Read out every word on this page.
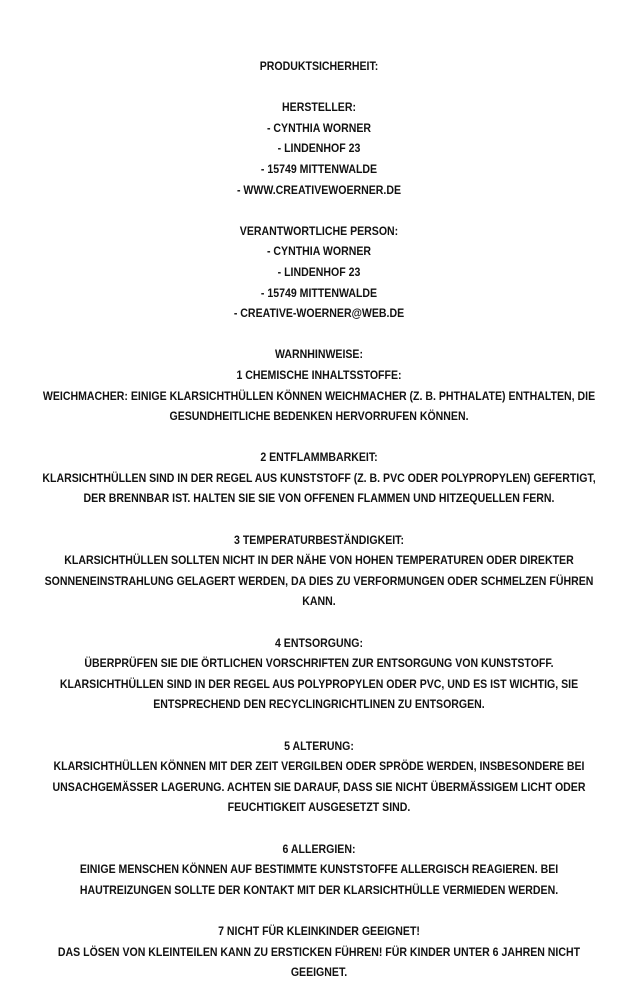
PRODUKTSICHERHEIT:
HERSTELLER:
- CYNTHIA WORNER
- LINDENHOF 23
- 15749 MITTENWALDE
- WWW.CREATIVEWOERNER.DE
VERANTWORTLICHE PERSON:
- CYNTHIA WORNER
- LINDENHOF 23
- 15749 MITTENWALDE
- CREATIVE-WOERNER@WEB.DE
WARNHINWEISE:
1 CHEMISCHE INHALTSSTOFFE:
WEICHMACHER: EINIGE KLARSICHTHÜLLEN KÖNNEN WEICHMACHER (Z. B. PHTHALATE) ENTHALTEN, DIE GESUNDHEITLICHE BEDENKEN HERVORRUFEN KÖNNEN.
2 ENTFLAMMBARKEIT:
KLARSICHTHÜLLEN SIND IN DER REGEL AUS KUNSTSTOFF (Z. B. PVC ODER POLYPROPYLEN) GEFERTIGT, DER BRENNBAR IST. HALTEN SIE SIE VON OFFENEN FLAMMEN UND HITZEQUELLEN FERN.
3 TEMPERATURBESTÄNDIGKEIT:
KLARSICHTHÜLLEN SOLLTEN NICHT IN DER NÄHE VON HOHEN TEMPERATUREN ODER DIREKTER SONNENEINSTRAHLUNG GELAGERT WERDEN, DA DIES ZU VERFORMUNGEN ODER SCHMELZEN FÜHREN KANN.
4 ENTSORGUNG:
ÜBERPRÜFEN SIE DIE ÖRTLICHEN VORSCHRIFTEN ZUR ENTSORGUNG VON KUNSTSTOFF. KLARSICHTHÜLLEN SIND IN DER REGEL AUS POLYPROPYLEN ODER PVC, UND ES IST WICHTIG, SIE ENTSPRECHEND DEN RECYCLINGRICHTLINEN ZU ENTSORGEN.
5 ALTERUNG:
KLARSICHTHÜLLEN KÖNNEN MIT DER ZEIT VERGILBEN ODER SPRÖDE WERDEN, INSBESONDERE BEI UNSACHGEMÄSSER LAGERUNG. ACHTEN SIE DARAUF, DASS SIE NICHT ÜBERMÄSSIGEM LICHT ODER FEUCHTIGKEIT AUSGESETZT SIND.
6 ALLERGIEN:
EINIGE MENSCHEN KÖNNEN AUF BESTIMMTE KUNSTSTOFFE ALLERGISCH REAGIEREN. BEI HAUTREIZUNGEN SOLLTE DER KONTAKT MIT DER KLARSICHTHÜLLE VERMIEDEN WERDEN.
7 NICHT FÜR KLEINKINDER GEEIGNET!
DAS LÖSEN VON KLEINTEILEN KANN ZU ERSTICKEN FÜHREN! FÜR KINDER UNTER 6 JAHREN NICHT GEEIGNET.
